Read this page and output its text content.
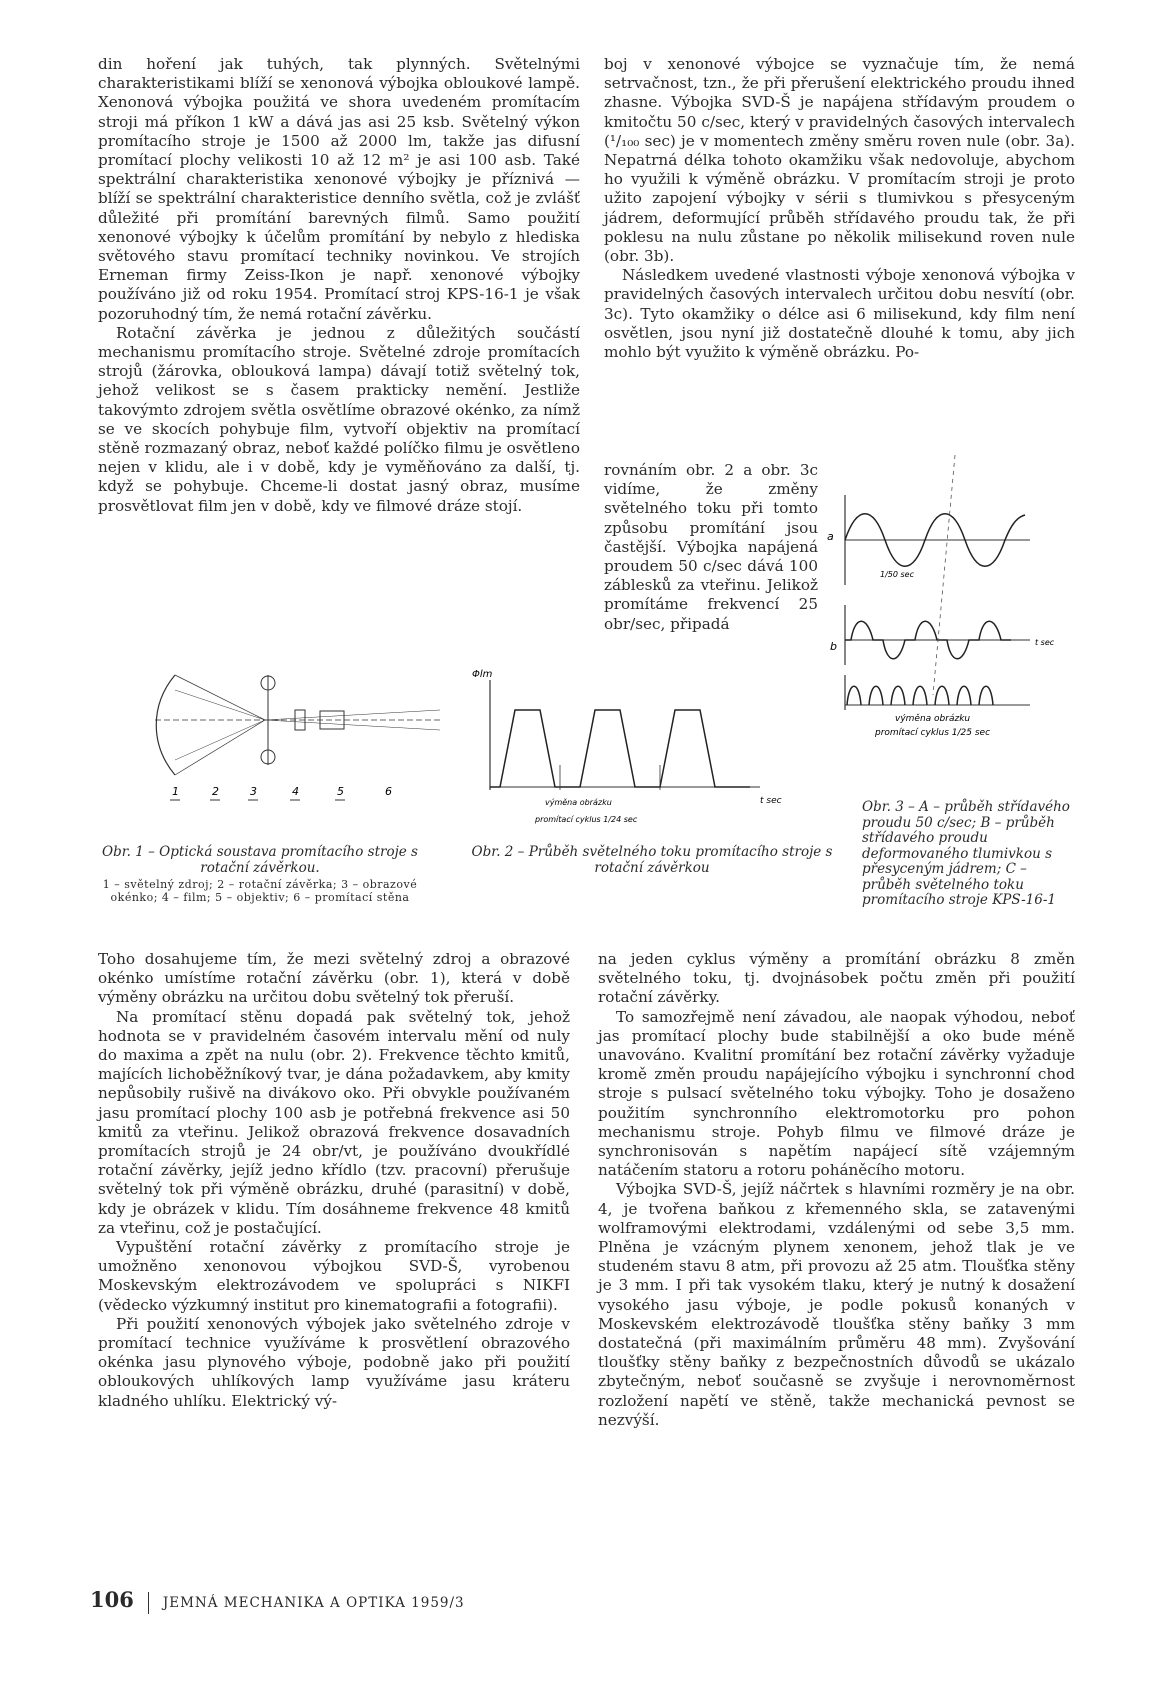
din hoření jak tuhých, tak plynných. Světelnými charakteristikami blíží se xenonová výbojka obloukové lampě. Xenonová výbojka použitá ve shora uvedeném promítacím stroji má příkon 1 kW a dává jas asi 25 ksb. Světelný výkon promítacího stroje je 1500 až 2000 lm, takže jas difusní promítací plochy velikosti 10 až 12 m² je asi 100 asb. Také spektrální charakteristika xenonové výbojky je příznivá — blíží se spektrální charakteristice denního světla, což je zvlášť důležité při promítání barevných filmů. Samo použití xenonové výbojky k účelům promítání by nebylo z hlediska světového stavu promítací techniky novinkou. Ve strojích Erneman firmy Zeiss-Ikon je např. xenonové výbojky používáno již od roku 1954. Promítací stroj KPS-16-1 je však pozoruhodný tím, že nemá rotační závěrku.

Rotační závěrka je jednou z důležitých součástí mechanismu promítacího stroje. Světelné zdroje promítacích strojů (žárovka, oblouková lampa) dávají totiž světelný tok, jehož velikost se s časem prakticky nemění. Jestliže takovýmto zdrojem světla osvětlíme obrazové okénko, za nímž se ve skocích pohybuje film, vytvoří objektiv na promítací stěně rozmazaný obraz, neboť každé políčko filmu je osvětleno nejen v klidu, ale i v době, kdy je vyměňováno za další, tj. když se pohybuje. Chceme-li dostat jasný obraz, musíme prosvětlovat film jen v době, kdy ve filmové dráze stojí.

boj v xenonové výbojce se vyznačuje tím, že nemá setrvačnost, tzn., že při přerušení elektrického proudu ihned zhasne. Výbojka SVD-Š je napájena střídavým proudem o kmitočtu 50 c/sec, který v pravidelných časových intervalech (¹/₁₀₀ sec) je v momentech změny směru roven nule (obr. 3a). Nepatrná délka tohoto okamžiku však nedovoluje, abychom ho využili k výměně obrázku. V promítacím stroji je proto užito zapojení výbojky v sérii s tlumivkou s přesyceným jádrem, deformující průběh střídavého proudu tak, že při poklesu na nulu zůstane po několik milisekund roven nule (obr. 3b).

Následkem uvedené vlastnosti výboje xenonová výbojka v pravidelných časových intervalech určitou dobu nesvítí (obr. 3c). Tyto okamžiky o délce asi 6 milisekund, kdy film není osvětlen, jsou nyní již dostatečně dlouhé k tomu, aby jich mohlo být využito k výměně obrázku. Po-

rovnáním obr. 2 a obr. 3c vidíme, že změny světelného toku při tomto způsobu promítání jsou častější. Výbojka napájená proudem 50 c/sec dává 100 záblesků za vteřinu. Jelikož promítáme frekvencí 25 obr/sec, připadá

a
1/50 sec
b
výměna obrázku
promítací cyklus 1/25 sec
t sec
1	2	3	4	5	6
Φlm
t sec
výměna obrázku
promítací cyklus 1/24 sec
Obr. 1 – Optická soustava promítacího stroje s rotační závěrkou.
1 – světelný zdroj; 2 – rotační závěrka; 3 – obrazové okénko; 4 – film; 5 – objektiv; 6 – promítací stěna
Obr. 2 – Průběh světelného toku promítacího stroje s rotační závěrkou
Obr. 3 – A – průběh střídavého proudu 50 c/sec; B – průběh střídavého proudu deformovaného tlumivkou s přesyceným jádrem; C – průběh světelného toku promítacího stroje KPS-16-1

Toho dosahujeme tím, že mezi světelný zdroj a obrazové okénko umístíme rotační závěrku (obr. 1), která v době výměny obrázku na určitou dobu světelný tok přeruší.

Na promítací stěnu dopadá pak světelný tok, jehož hodnota se v pravidelném časovém intervalu mění od nuly do maxima a zpět na nulu (obr. 2). Frekvence těchto kmitů, majících lichoběžníkový tvar, je dána požadavkem, aby kmity nepůsobily rušivě na divákovo oko. Při obvykle používaném jasu promítací plochy 100 asb je potřebná frekvence asi 50 kmitů za vteřinu. Jelikož obrazová frekvence dosavadních promítacích strojů je 24 obr/vt, je používáno dvoukřídlé rotační závěrky, jejíž jedno křídlo (tzv. pracovní) přerušuje světelný tok při výměně obrázku, druhé (parasitní) v době, kdy je obrázek v klidu. Tím dosáhneme frekvence 48 kmitů za vteřinu, což je postačující.

Vypuštění rotační závěrky z promítacího stroje je umožněno xenonovou výbojkou SVD-Š, vyrobenou Moskevským elektrozávodem ve spolupráci s NIKFI (vědecko výzkumný institut pro kinematografii a fotografii).

Při použití xenonových výbojek jako světelného zdroje v promítací technice využíváme k prosvětlení obrazového okénka jasu plynového výboje, podobně jako při použití obloukových uhlíkových lamp využíváme jasu kráteru kladného uhlíku. Elektrický vý-

na jeden cyklus výměny a promítání obrázku 8 změn světelného toku, tj. dvojnásobek počtu změn při použití rotační závěrky.

To samozřejmě není závadou, ale naopak výhodou, neboť jas promítací plochy bude stabilnější a oko bude méně unavováno. Kvalitní promítání bez rotační závěrky vyžaduje kromě změn proudu napájejícího výbojku i synchronní chod stroje s pulsací světelného toku výbojky. Toho je dosaženo použitím synchronního elektromotorku pro pohon mechanismu stroje. Pohyb filmu ve filmové dráze je synchronisován s napětím napájecí sítě vzájemným natáčením statoru a rotoru poháněcího motoru.

Výbojka SVD-Š, jejíž náčrtek s hlavními rozměry je na obr. 4, je tvořena baňkou z křemenného skla, se zatavenými wolframovými elektrodami, vzdálenými od sebe 3,5 mm. Plněna je vzácným plynem xenonem, jehož tlak je ve studeném stavu 8 atm, při provozu až 25 atm. Tloušťka stěny je 3 mm. I při tak vysokém tlaku, který je nutný k dosažení vysokého jasu výboje, je podle pokusů konaných v Moskevském elektrozávodě tloušťka stěny baňky 3 mm dostatečná (při maximálním průměru 48 mm). Zvyšování tloušťky stěny baňky z bezpečnostních důvodů se ukázalo zbytečným, neboť současně se zvyšuje i nerovnoměrnost rozložení napětí ve stěně, takže mechanická pevnost se nezvýší.

106 JEMNÁ MECHANIKA A OPTIKA 1959/3
